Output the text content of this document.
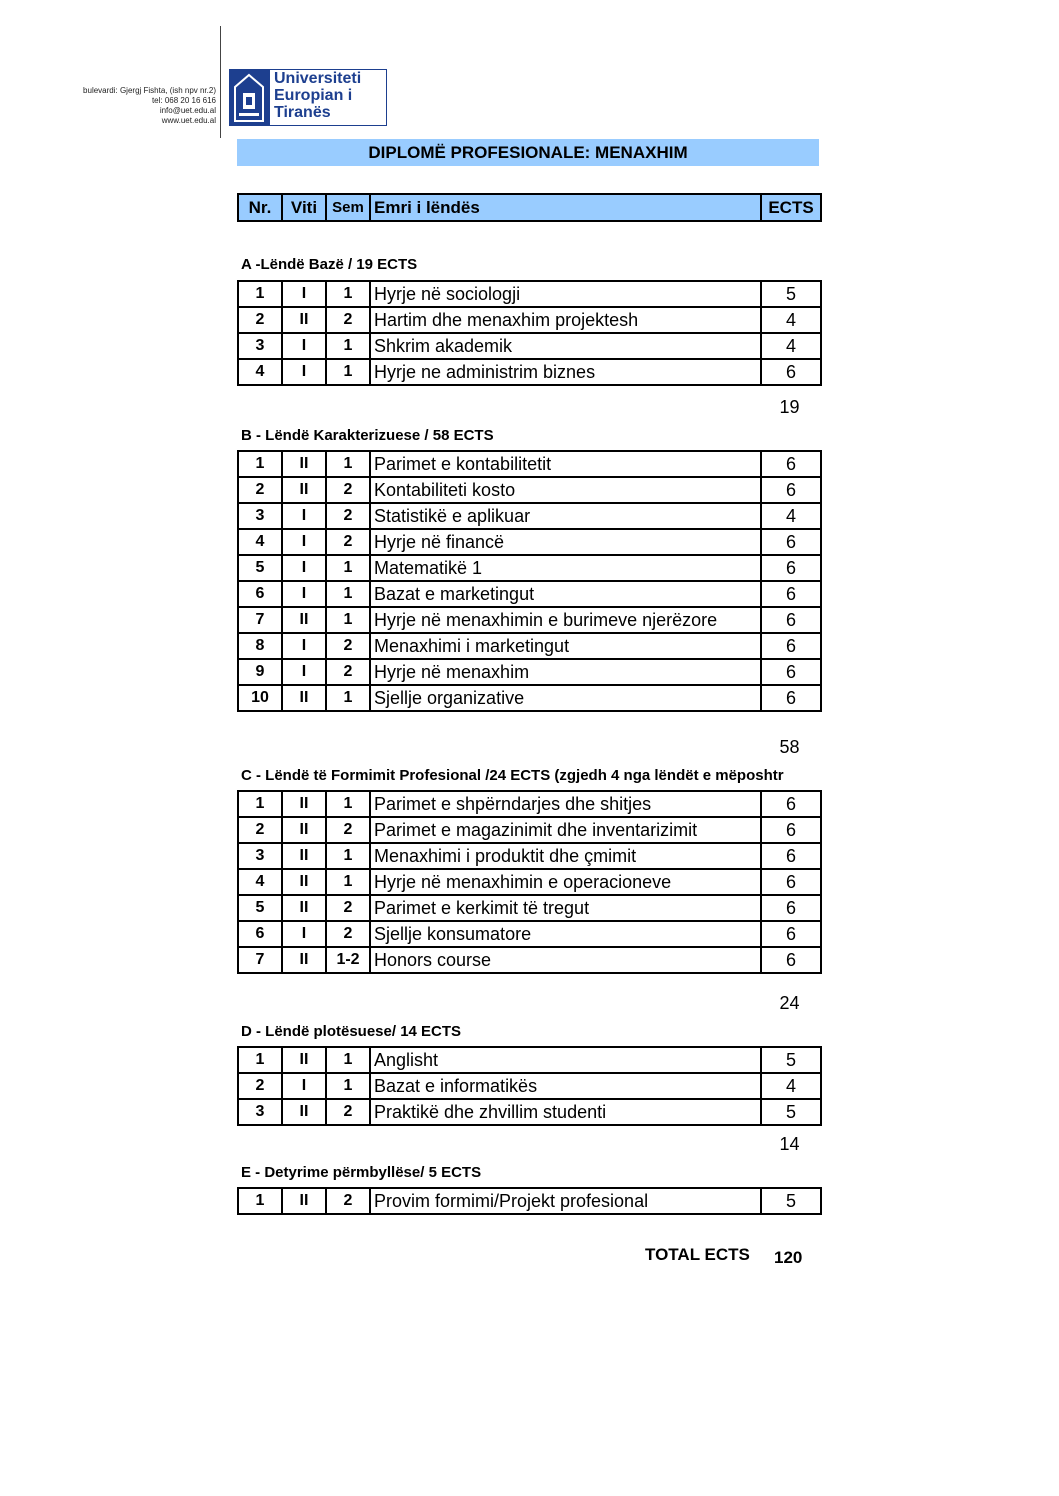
bulevardi: Gjergj Fishta, (ish npv nr.2)
tel: 068 20 16 616
info@uet.edu.al
www.uet.edu.al
Universiteti
Europian i
Tiranës
DIPLOMË PROFESIONALE: MENAXHIM
Nr.	Viti	Sem	Emri i lëndës	ECTS
A -Lëndë Bazë / 19 ECTS
1	I	1	Hyrje në sociologji	5
2	II	2	Hartim dhe menaxhim projektesh	4
3	I	1	Shkrim akademik	4
4	I	1	Hyrje ne administrim biznes	6
19
B - Lëndë Karakterizuese / 58 ECTS
1	II	1	Parimet e kontabilitetit	6
2	II	2	Kontabiliteti kosto	6
3	I	2	Statistikë e aplikuar	4
4	I	2	Hyrje në financë	6
5	I	1	Matematikë 1	6
6	I	1	Bazat e marketingut	6
7	II	1	Hyrje në menaxhimin e burimeve njerëzore	6
8	I	2	Menaxhimi i marketingut	6
9	I	2	Hyrje në menaxhim	6
10	II	1	Sjellje organizative	6
58
C - Lëndë të Formimit Profesional /24 ECTS (zgjedh 4 nga lëndët e mëposhtr
1	II	1	Parimet e shpërndarjes dhe shitjes	6
2	II	2	Parimet e magazinimit dhe inventarizimit	6
3	II	1	Menaxhimi i produktit dhe çmimit	6
4	II	1	Hyrje në menaxhimin e operacioneve	6
5	II	2	Parimet e kerkimit të tregut	6
6	I	2	Sjellje konsumatore	6
7	II	1-2	Honors course	6
24
D - Lëndë plotësuese/ 14 ECTS
1	II	1	Anglisht	5
2	I	1	Bazat e informatikës	4
3	II	2	Praktikë dhe zhvillim studenti	5
14
E - Detyrime përmbyllëse/ 5 ECTS
1	II	2	Provim formimi/Projekt profesional	5
TOTAL ECTS 120
